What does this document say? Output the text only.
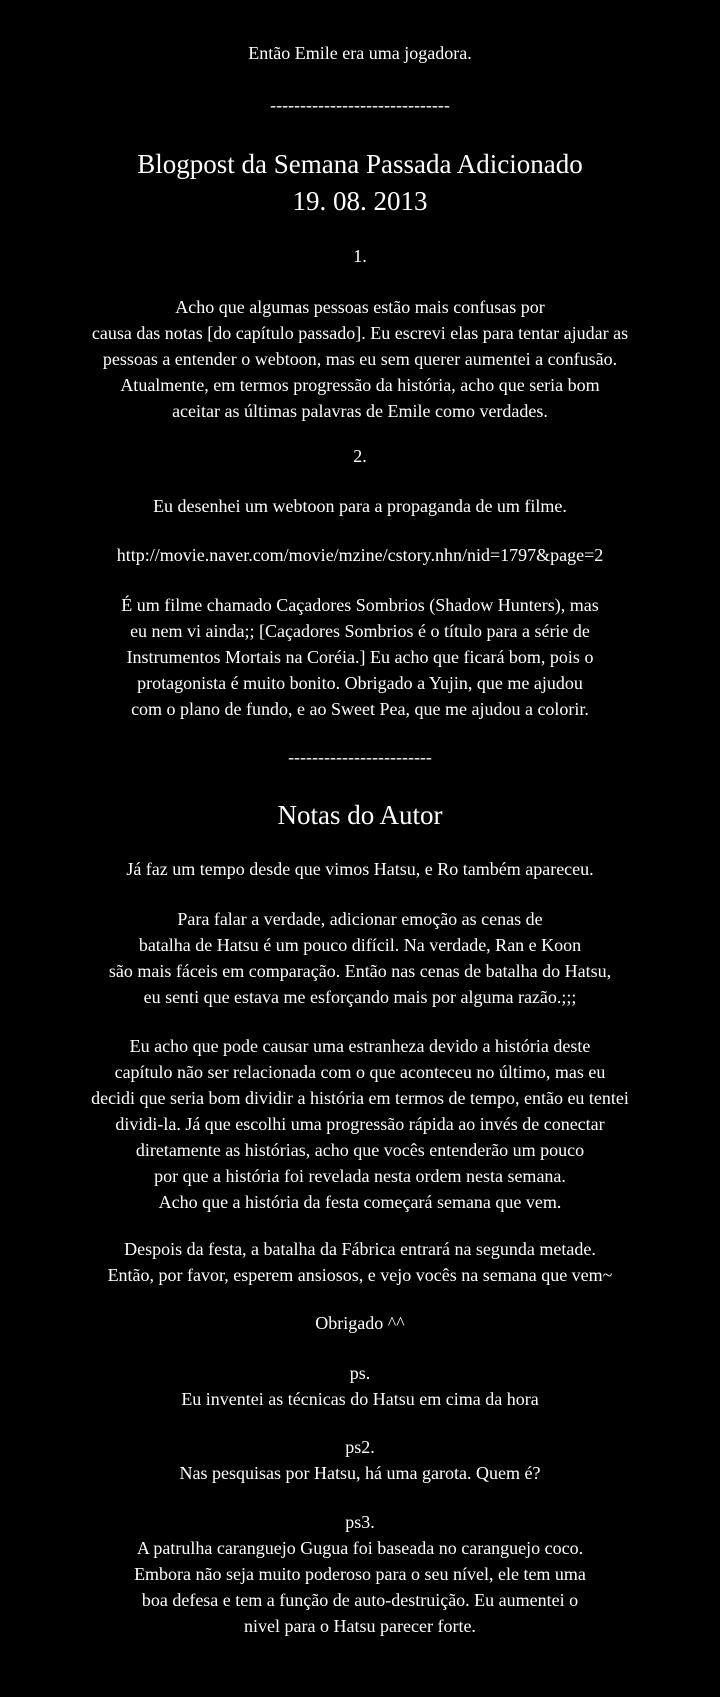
Então Emile era uma jogadora.
------------------------------
Blogpost da Semana Passada Adicionado
19. 08. 2013
1.
Acho que algumas pessoas estão mais confusas por
causa das notas [do capítulo passado]. Eu escrevi elas para tentar ajudar as
pessoas a entender o webtoon, mas eu sem querer aumentei a confusão.
Atualmente, em termos progressão da história, acho que seria bom
aceitar as últimas palavras de Emile como verdades.
2.
Eu desenhei um webtoon para a propaganda de um filme.
http://movie.naver.com/movie/mzine/cstory.nhn/nid=1797&page=2
É um filme chamado Caçadores Sombrios (Shadow Hunters), mas
eu nem vi ainda;; [Caçadores Sombrios é o título para a série de
Instrumentos Mortais na Coréia.] Eu acho que ficará bom, pois o
protagonista é muito bonito. Obrigado a Yujin, que me ajudou
com o plano de fundo, e ao Sweet Pea, que me ajudou a colorir.
------------------------
Notas do Autor
Já faz um tempo desde que vimos Hatsu, e Ro também apareceu.
Para falar a verdade, adicionar emoção as cenas de
batalha de Hatsu é um pouco difícil. Na verdade, Ran e Koon
são mais fáceis em comparação. Então nas cenas de batalha do Hatsu,
eu senti que estava me esforçando mais por alguma razão.;;;
Eu acho que pode causar uma estranheza devido a história deste
capítulo não ser relacionada com o que aconteceu no último, mas eu
decidi que seria bom dividir a história em termos de tempo, então eu tentei
dividi-la. Já que escolhi uma progressão rápida ao invés de conectar
diretamente as histórias, acho que vocês entenderão um pouco
por que a história foi revelada nesta ordem nesta semana.
Acho que a história da festa começará semana que vem.
Despois da festa, a batalha da Fábrica entrará na segunda metade.
Então, por favor, esperem ansiosos, e vejo vocês na semana que vem~
Obrigado ^^
ps.
Eu inventei as técnicas do Hatsu em cima da hora
ps2.
Nas pesquisas por Hatsu, há uma garota. Quem é?
ps3.
A patrulha caranguejo Gugua foi baseada no caranguejo coco.
Embora não seja muito poderoso para o seu nível, ele tem uma
boa defesa e tem a função de auto-destruição. Eu aumentei o
nivel para o Hatsu parecer forte.
